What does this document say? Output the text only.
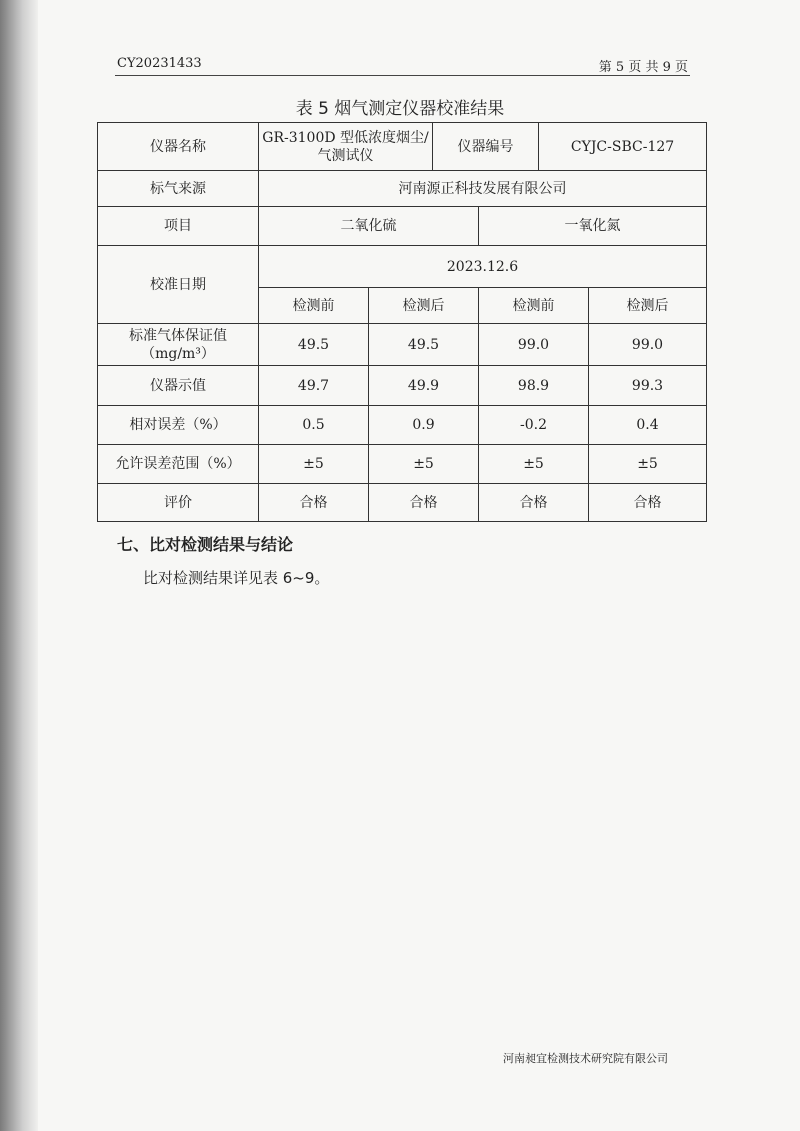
CY20231433	第 5 页 共 9 页
表 5 烟气测定仪器校准结果
仪器名称	GR-3100D 型低浓度烟尘/气测试仪		仪器编号		CYJC-SBC-127	
标气来源	河南源正科技发展有限公司					
项目	二氧化硫			一氧化氮		
校准日期	2023.12.6					
	检测前	检测后		检测前		检测后
标准气体保证值（mg/m³）	49.5	49.5		99.0		99.0
仪器示值	49.7	49.9		98.9		99.3
相对误差（%）	0.5	0.9		-0.2		0.4
允许误差范围（%）	±5	±5		±5		±5
评价	合格	合格		合格		合格
七、比对检测结果与结论
比对检测结果详见表 6~9。
河南昶宜检测技术研究院有限公司
